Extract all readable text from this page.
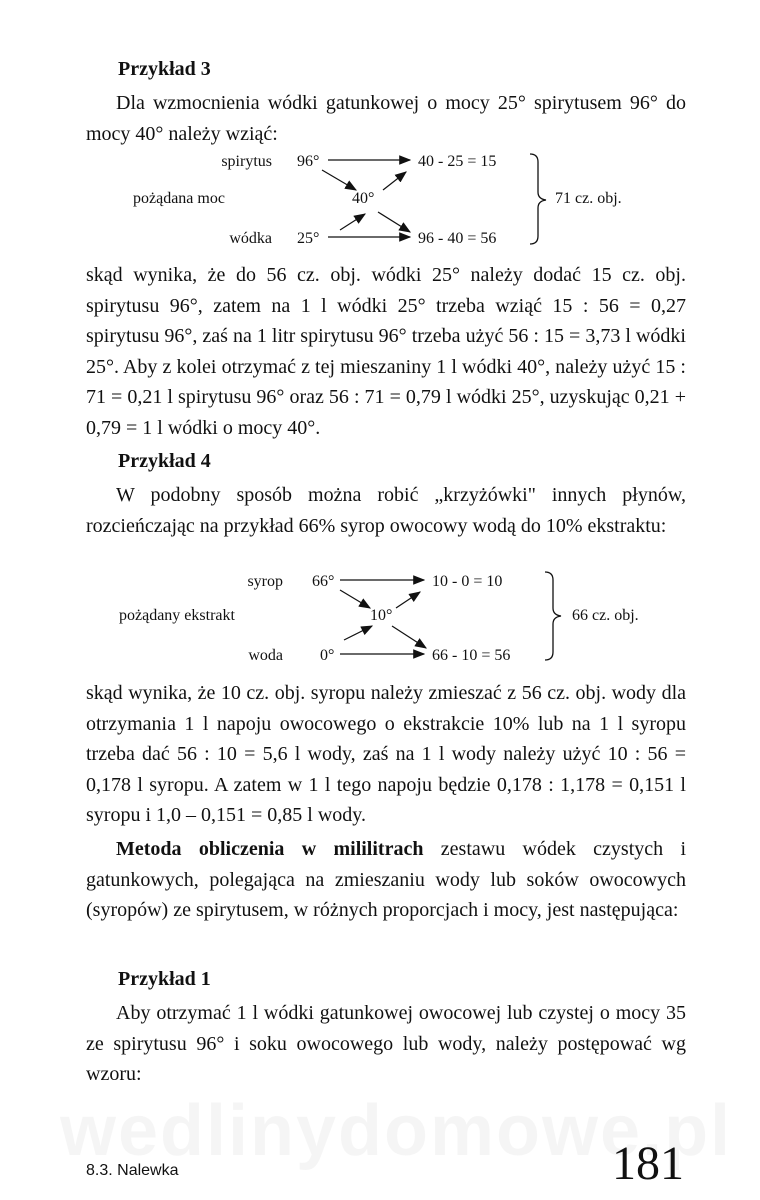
Przykład 3

Dla wzmocnienia wódki gatunkowej o mocy 25° spirytusem 96° do mocy 40° należy wziąć:

spirytus 96°
pożądana moc	40°
wódka 25°
40 - 25 = 15
96 - 40 = 56
71 cz. obj.

skąd wynika, że do 56 cz. obj. wódki 25° należy dodać 15 cz. obj. spirytusu 96°, zatem na 1 l wódki 25° trzeba wziąć 15 : 56 = 0,27 spirytusu 96°, zaś na 1 litr spirytusu 96° trzeba użyć 56 : 15 = 3,73 l wódki 25°. Aby z kolei otrzymać z tej mieszaniny 1 l wódki 40°, należy użyć 15 : 71 = 0,21 l spirytusu 96° oraz 56 : 71 = 0,79 l wódki 25°, uzyskując 0,21 + 0,79 = 1 l wódki o mocy 40°.

Przykład 4

W podobny sposób można robić „krzyżówki" innych płynów, rozcieńczając na przykład 66% syrop owocowy wodą do 10% ekstraktu:

syrop 66°
pożądany ekstrakt	10°
woda 0°
10 - 0 = 10
66 - 10 = 56
66 cz. obj.

skąd wynika, że 10 cz. obj. syropu należy zmieszać z 56 cz. obj. wody dla otrzymania 1 l napoju owocowego o ekstrakcie 10% lub na 1 l syropu trzeba dać 56 : 10 = 5,6 l wody, zaś na 1 l wody należy użyć 10 : 56 = 0,178 l syropu. A zatem w 1 l tego napoju będzie 0,178 : 1,178 = 0,151 l syropu i 1,0 – 0,151 = 0,85 l wody.

Metoda obliczenia w mililitrach zestawu wódek czystych i gatunkowych, polegająca na zmieszaniu wody lub soków owocowych (syropów) ze spirytusem, w różnych proporcjach i mocy, jest następująca:

Przykład 1

Aby otrzymać 1 l wódki gatunkowej owocowej lub czystej o mocy 35 ze spirytusu 96° i soku owocowego lub wody, należy postępować wg wzoru:

8.3. Nalewka	181
